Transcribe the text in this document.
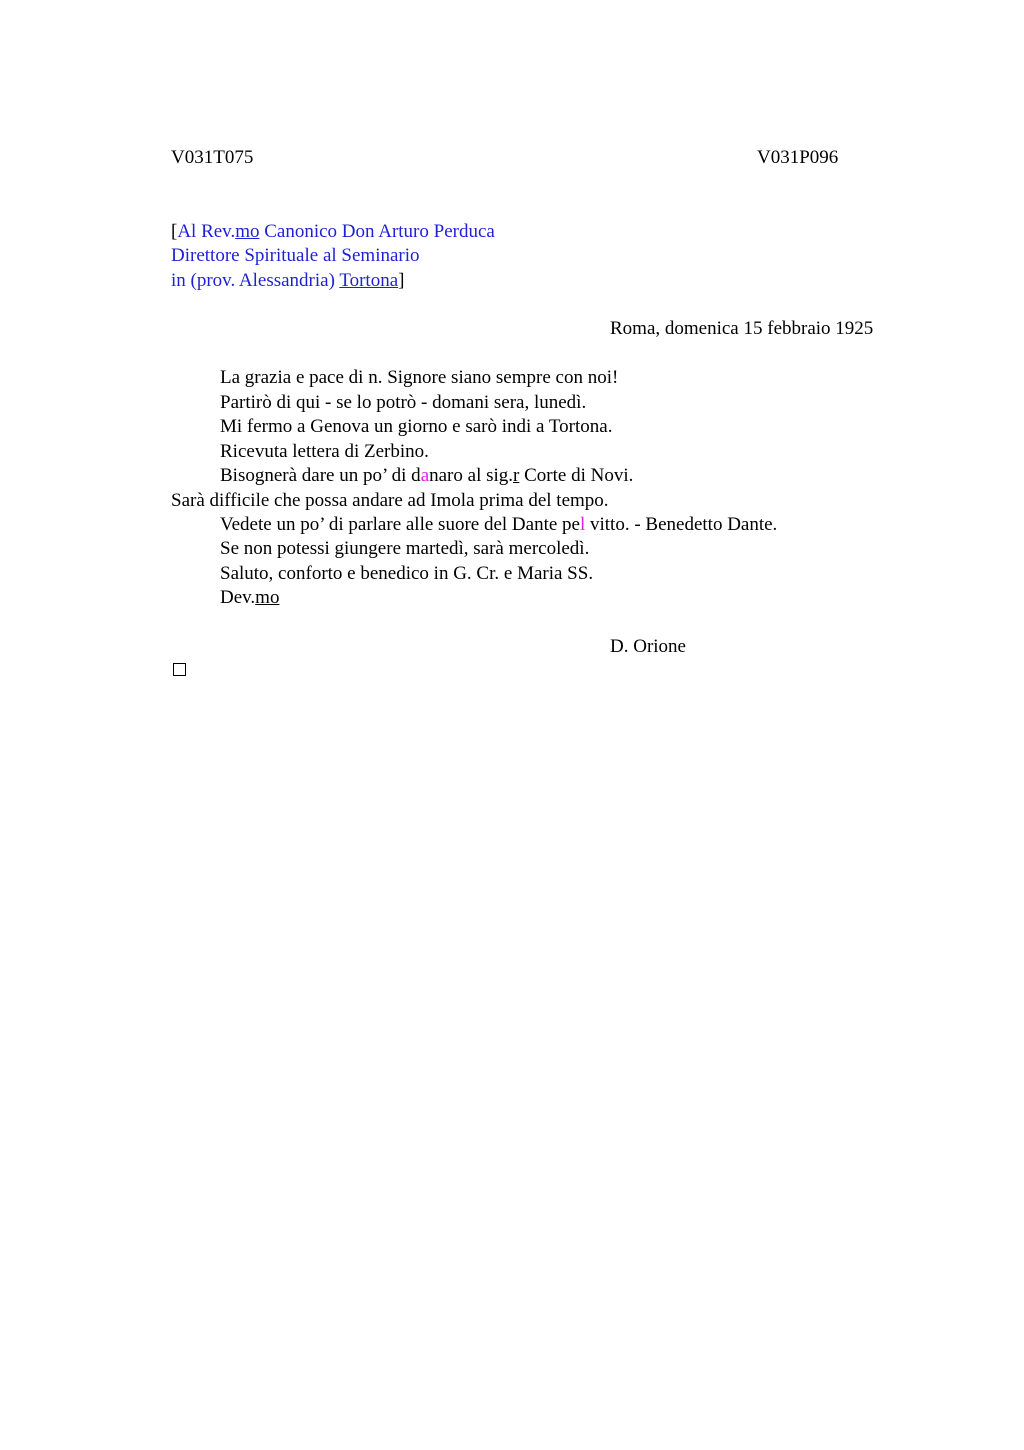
V031T075	V031P096
[Al Rev.mo Canonico Don Arturo Perduca
Direttore Spirituale al Seminario
in (prov. Alessandria) Tortona]
Roma, domenica 15 febbraio 1925
La grazia e pace di n. Signore siano sempre con noi!
Partirò di qui - se lo potrò - domani sera, lunedì.
Mi fermo a Genova un giorno e sarò indi a Tortona.
Ricevuta lettera di Zerbino.
Bisognerà dare un po’ di danaro al sig.r Corte di Novi.
Sarà difficile che possa andare ad Imola prima del tempo.
Vedete un po’ di parlare alle suore del Dante pel vitto. - Benedetto Dante.
Se non potessi giungere martedì, sarà mercoledì.
Saluto, conforto e benedico in G. Cr. e Maria SS.
Dev.mo
D. Orione
